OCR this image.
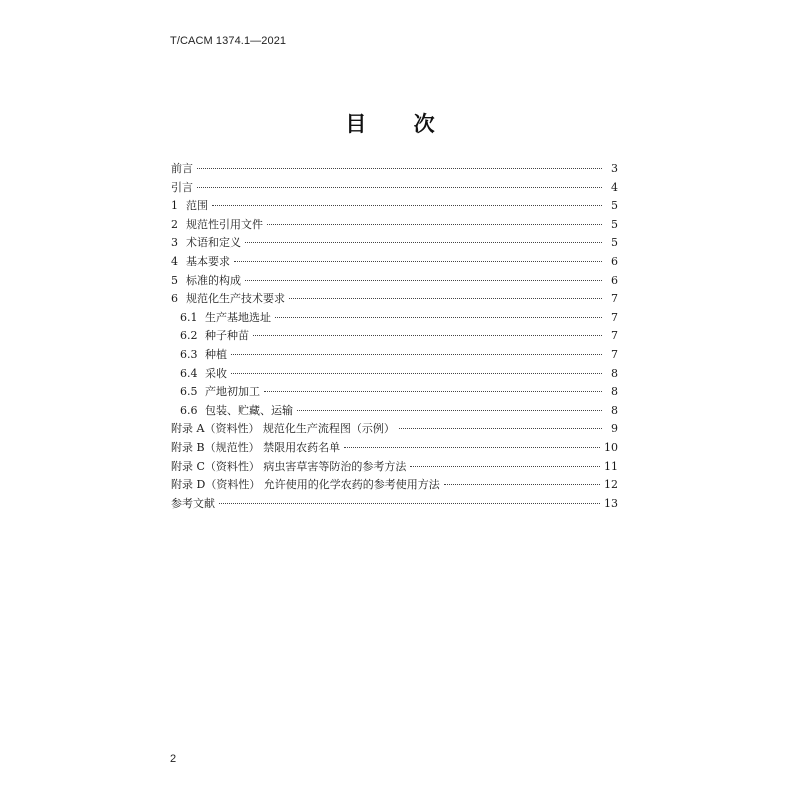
T/CACM 1374.1—2021
目 次
前言	3
引言	4
1 范围	5
2 规范性引用文件	5
3 术语和定义	5
4 基本要求	6
5 标准的构成	6
6 规范化生产技术要求	7
6.1 生产基地选址	7
6.2 种子种苗	7
6.3 种植	7
6.4 采收	8
6.5 产地初加工	8
6.6 包装、贮藏、运输	8
附录 A（资料性） 规范化生产流程图（示例）	9
附录 B（规范性） 禁限用农药名单	10
附录 C（资料性） 病虫害草害等防治的参考方法	11
附录 D（资料性） 允许使用的化学农药的参考使用方法	12
参考文献	13
2
